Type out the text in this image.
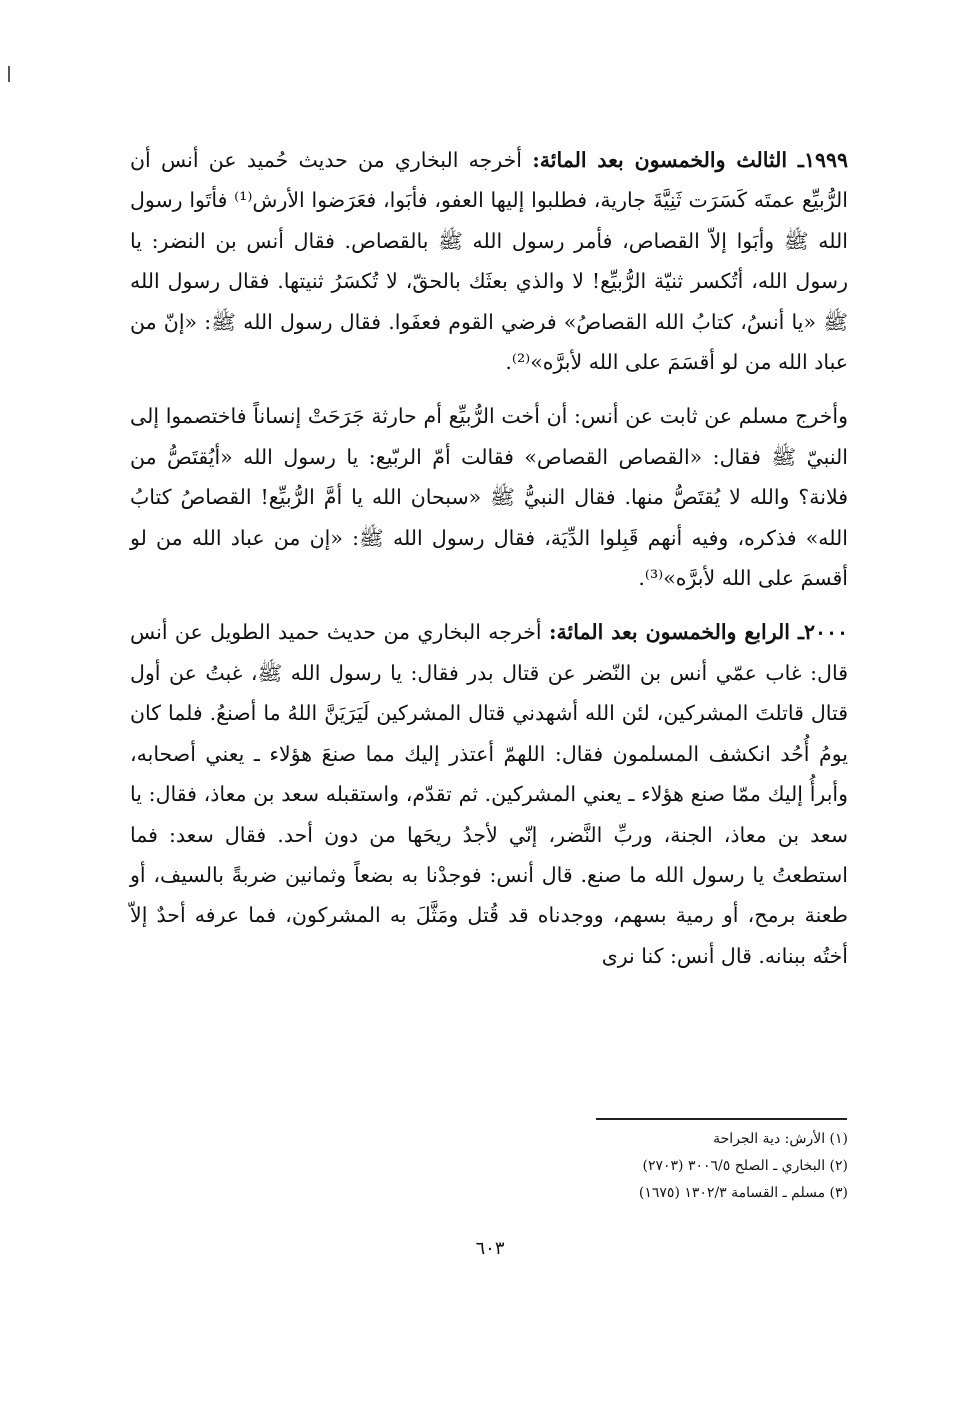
١٩٩٩ـ الثالث والخمسون بعد المائة: أخرجه البخاري من حديث حُميد عن أنس أن الرُّبيِّع عمتَه كَسَرَت ثَنِيَّةَ جارية، فطلبوا إليها العفو، فأبَوا، فعَرَضوا الأرش⁽¹⁾ فأتَوا رسول الله ﷺ وأبَوا إلاّ القصاص، فأمر رسول الله ﷺ بالقصاص. فقال أنس بن النضر: يا رسول الله، أتُكسر ثنيّة الرُّبيِّع! لا والذي بعثَك بالحقّ، لا تُكسَرُ ثنيتها. فقال رسول الله ﷺ «يا أنسُ، كتابُ الله القصاصُ» فرضي القوم فعفَوا. فقال رسول الله ﷺ: «إنّ من عباد الله من لو أقسَمَ على الله لأبرَّه»⁽²⁾.

وأخرج مسلم عن ثابت عن أنس: أن أخت الرُّبيِّع أم حارثة جَرَحَتْ إنساناً فاختصموا إلى النبيّ ﷺ فقال: «القصاص القصاص» فقالت أمّ الربّيع: يا رسول الله «أيُقتَصُّ من فلانة؟ والله لا يُقتَصُّ منها. فقال النبيُّ ﷺ «سبحان الله يا أمَّ الرُّبيِّع! القصاصُ كتابُ الله» فذكره، وفيه أنهم قَبِلوا الدِّيَة، فقال رسول الله ﷺ: «إن من عباد الله من لو أقسمَ على الله لأبرَّه»⁽³⁾.

٢٠٠٠ـ الرابع والخمسون بعد المائة: أخرجه البخاري من حديث حميد الطويل عن أنس قال: غاب عمّي أنس بن النّضر عن قتال بدر فقال: يا رسول الله ﷺ، غبتُ عن أول قتال قاتلتَ المشركين، لئن الله أشهدني قتال المشركين لَيَرَيَنَّ اللهُ ما أصنعُ. فلما كان يومُ أُحُد انكشف المسلمون فقال: اللهمّ أعتذر إليك مما صنعَ هؤلاء ـ يعني أصحابه، وأبرأُ إليك ممّا صنع هؤلاء ـ يعني المشركين. ثم تقدّم، واستقبله سعد بن معاذ، فقال: يا سعد بن معاذ، الجنة، وربِّ النَّضر، إنّي لأجدُ ريحَها من دون أحد. فقال سعد: فما استطعتُ يا رسول الله ما صنع. قال أنس: فوجدْنا به بضعاً وثمانين ضربةً بالسيف، أو طعنة برمح، أو رمية بسهم، ووجدناه قد قُتل ومَثَّلَ به المشركون، فما عرفه أحدٌ إلاّ أختُه ببنانه. قال أنس: كنا نرى

(١) الأرش: دية الجراحة
(٢) البخاري ـ الصلح ٣٠٠٦/٥ (٢٧٠٣)
(٣) مسلم ـ القسامة ١٣٠٢/٣ (١٦٧٥)
٦٠٣
